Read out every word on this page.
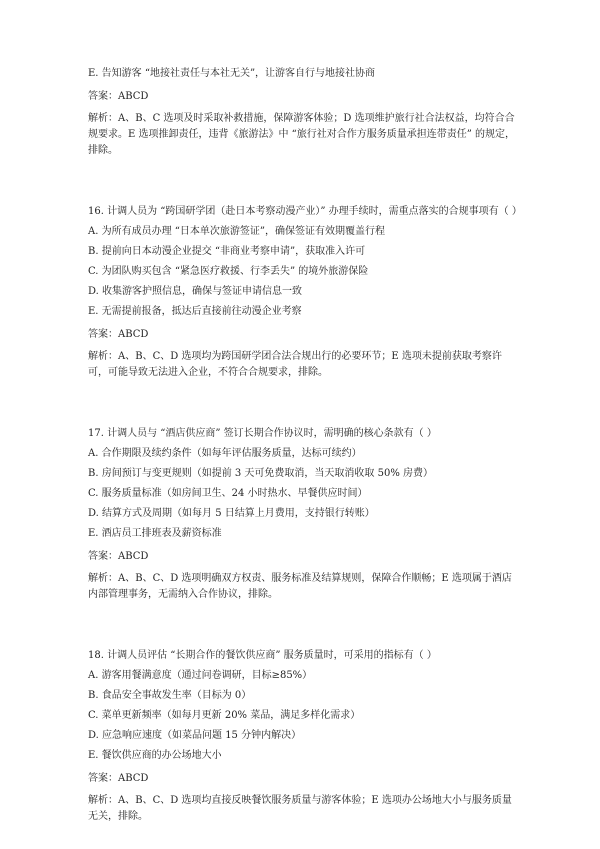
E. 告知游客 “地接社责任与本社无关”，让游客自行与地接社协商

答案：ABCD

解析：A、B、C 选项及时采取补救措施，保障游客体验；D 选项维护旅行社合法权益，均符合合规要求。E 选项推卸责任，违背《旅游法》中 “旅行社对合作方服务质量承担连带责任” 的规定，排除。

16. 计调人员为 “跨国研学团（赴日本考察动漫产业）” 办理手续时，需重点落实的合规事项有（ ）

A. 为所有成员办理 “日本单次旅游签证”，确保签证有效期覆盖行程

B. 提前向日本动漫企业提交 “非商业考察申请”，获取准入许可

C. 为团队购买包含 “紧急医疗救援、行李丢失” 的境外旅游保险

D. 收集游客护照信息，确保与签证申请信息一致

E. 无需提前报备，抵达后直接前往动漫企业考察

答案：ABCD

解析：A、B、C、D 选项均为跨国研学团合法合规出行的必要环节；E 选项未提前获取考察许可，可能导致无法进入企业，不符合合规要求，排除。

17. 计调人员与 “酒店供应商” 签订长期合作协议时，需明确的核心条款有（ ）

A. 合作期限及续约条件（如每年评估服务质量，达标可续约）

B. 房间预订与变更规则（如提前 3 天可免费取消，当天取消收取 50% 房费）

C. 服务质量标准（如房间卫生、24 小时热水、早餐供应时间）

D. 结算方式及周期（如每月 5 日结算上月费用，支持银行转账）

E. 酒店员工排班表及薪资标准

答案：ABCD

解析：A、B、C、D 选项明确双方权责、服务标准及结算规则，保障合作顺畅；E 选项属于酒店内部管理事务，无需纳入合作协议，排除。

18. 计调人员评估 “长期合作的餐饮供应商” 服务质量时，可采用的指标有（ ）

A. 游客用餐满意度（通过问卷调研，目标≥85%）

B. 食品安全事故发生率（目标为 0）

C. 菜单更新频率（如每月更新 20% 菜品，满足多样化需求）

D. 应急响应速度（如菜品问题 15 分钟内解决）

E. 餐饮供应商的办公场地大小

答案：ABCD

解析：A、B、C、D 选项均直接反映餐饮服务质量与游客体验；E 选项办公场地大小与服务质量无关，排除。
